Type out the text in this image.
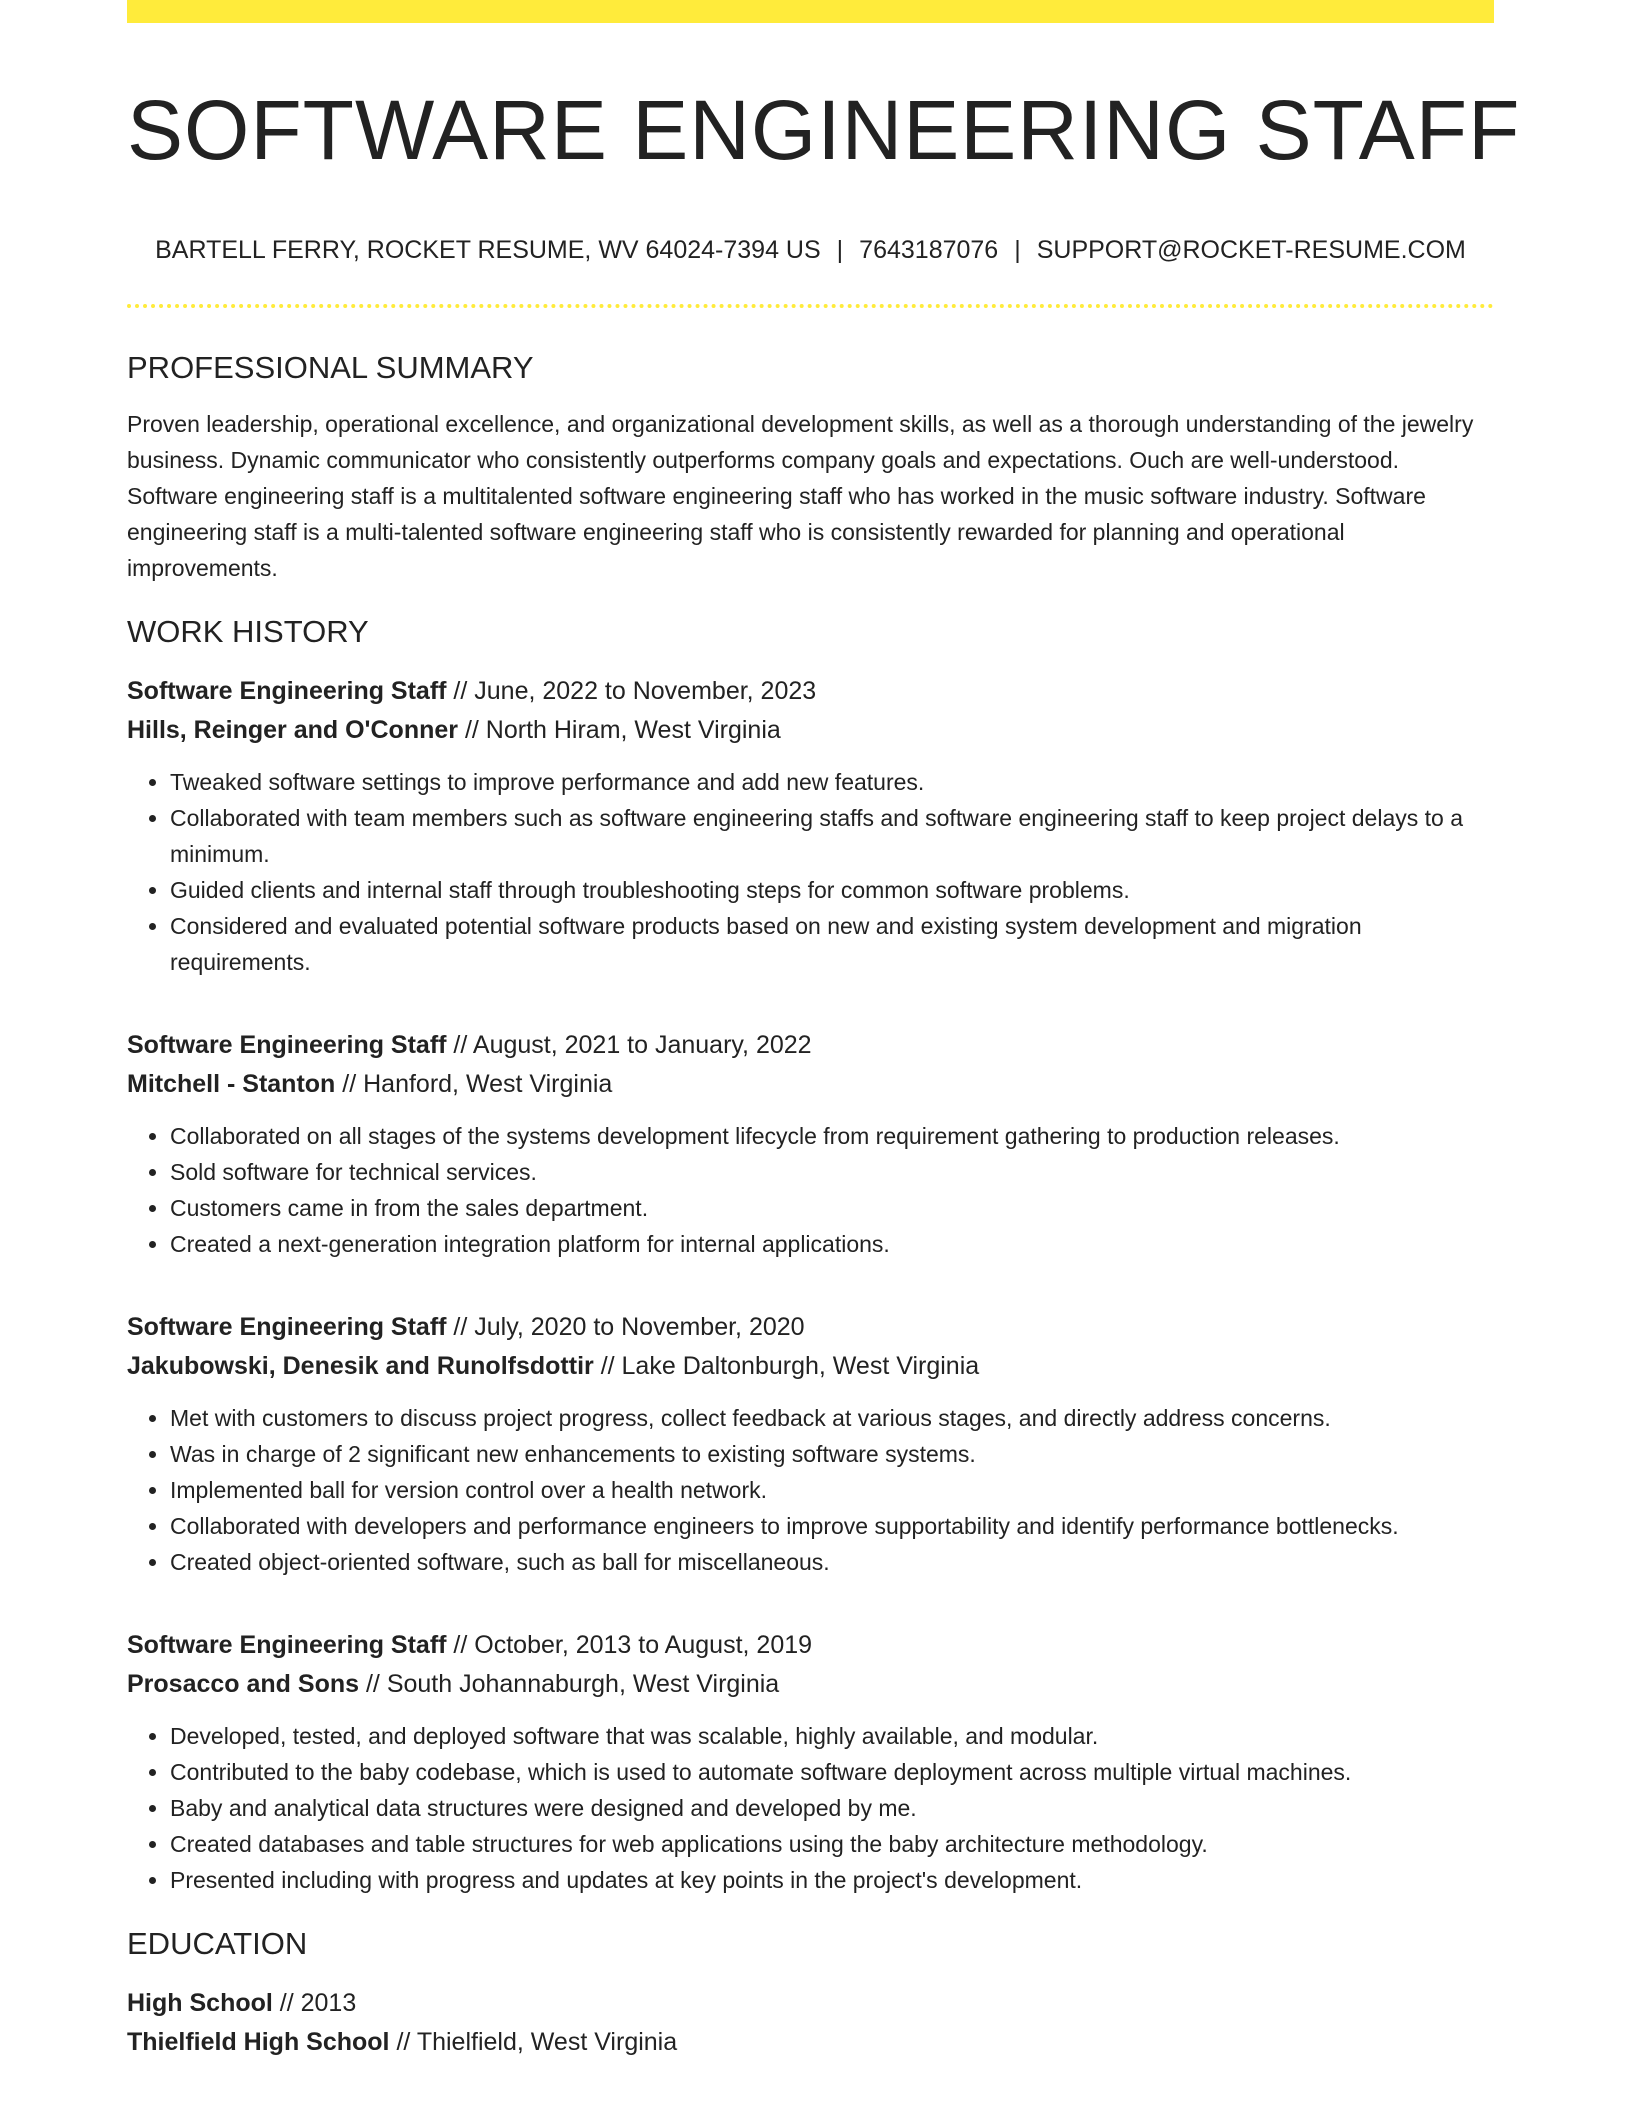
SOFTWARE ENGINEERING STAFF
BARTELL FERRY, ROCKET RESUME, WV 64024-7394 US | 7643187076 | SUPPORT@ROCKET-RESUME.COM
PROFESSIONAL SUMMARY

Proven leadership, operational excellence, and organizational development skills, as well as a thorough understanding of the jewelry business. Dynamic communicator who consistently outperforms company goals and expectations. Ouch are well-understood. Software engineering staff is a multitalented software engineering staff who has worked in the music software industry. Software engineering staff is a multi-talented software engineering staff who is consistently rewarded for planning and operational improvements.

WORK HISTORY
Software Engineering Staff // June, 2022 to November, 2023
Hills, Reinger and O'Conner // North Hiram, West Virginia
• Tweaked software settings to improve performance and add new features.
• Collaborated with team members such as software engineering staffs and software engineering staff to keep project delays to a minimum.
• Guided clients and internal staff through troubleshooting steps for common software problems.
• Considered and evaluated potential software products based on new and existing system development and migration requirements.
Software Engineering Staff // August, 2021 to January, 2022
Mitchell - Stanton // Hanford, West Virginia
• Collaborated on all stages of the systems development lifecycle from requirement gathering to production releases.
• Sold software for technical services.
• Customers came in from the sales department.
• Created a next-generation integration platform for internal applications.
Software Engineering Staff // July, 2020 to November, 2020
Jakubowski, Denesik and Runolfsdottir // Lake Daltonburgh, West Virginia
• Met with customers to discuss project progress, collect feedback at various stages, and directly address concerns.
• Was in charge of 2 significant new enhancements to existing software systems.
• Implemented ball for version control over a health network.
• Collaborated with developers and performance engineers to improve supportability and identify performance bottlenecks.
• Created object-oriented software, such as ball for miscellaneous.
Software Engineering Staff // October, 2013 to August, 2019
Prosacco and Sons // South Johannaburgh, West Virginia
• Developed, tested, and deployed software that was scalable, highly available, and modular.
• Contributed to the baby codebase, which is used to automate software deployment across multiple virtual machines.
• Baby and analytical data structures were designed and developed by me.
• Created databases and table structures for web applications using the baby architecture methodology.
• Presented including with progress and updates at key points in the project's development.
EDUCATION
High School // 2013
Thielfield High School // Thielfield, West Virginia
